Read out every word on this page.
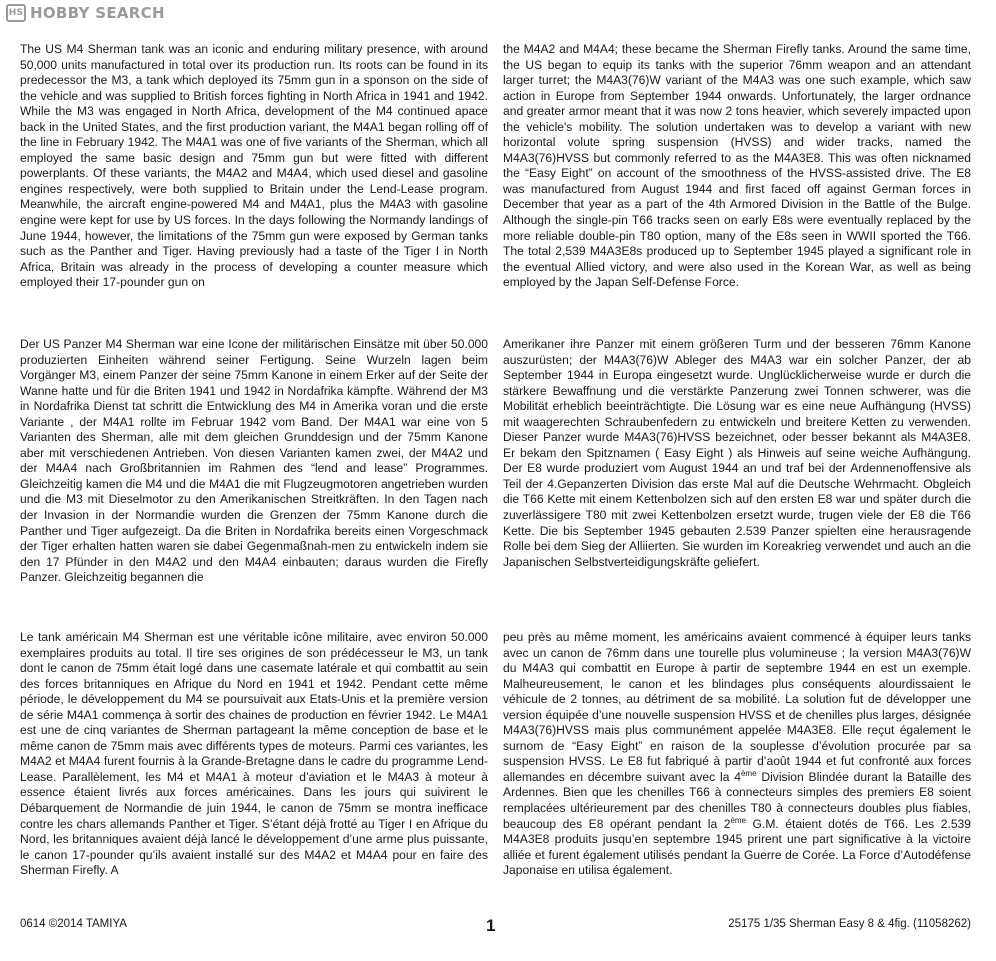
HS HOBBY SEARCH

The US M4 Sherman tank was an iconic and enduring military presence, with around 50,000 units manufactured in total over its production run. Its roots can be found in its predecessor the M3, a tank which deployed its 75mm gun in a sponson on the side of the vehicle and was supplied to British forces fighting in North Africa in 1941 and 1942. While the M3 was engaged in North Africa, development of the M4 continued apace back in the United States, and the first production variant, the M4A1 began rolling off of the line in February 1942. The M4A1 was one of five variants of the Sherman, which all employed the same basic design and 75mm gun but were fitted with different powerplants. Of these variants, the M4A2 and M4A4, which used diesel and gasoline engines respectively, were both supplied to Britain under the Lend-Lease program. Meanwhile, the aircraft engine-powered M4 and M4A1, plus the M4A3 with gasoline engine were kept for use by US forces. In the days following the Normandy landings of June 1944, however, the limitations of the 75mm gun were exposed by German tanks such as the Panther and Tiger. Having previously had a taste of the Tiger I in North Africa, Britain was already in the process of developing a counter measure which employed their 17-pounder gun on

the M4A2 and M4A4; these became the Sherman Firefly tanks. Around the same time, the US began to equip its tanks with the superior 76mm weapon and an attendant larger turret; the M4A3(76)W variant of the M4A3 was one such example, which saw action in Europe from September 1944 onwards. Unfortunately, the larger ordnance and greater armor meant that it was now 2 tons heavier, which severely impacted upon the vehicle's mobility. The solution undertaken was to develop a variant with new horizontal volute spring suspension (HVSS) and wider tracks, named the M4A3(76)HVSS but commonly referred to as the M4A3E8. This was often nicknamed the “Easy Eight” on account of the smoothness of the HVSS-assisted drive. The E8 was manufactured from August 1944 and first faced off against German forces in December that year as a part of the 4th Armored Division in the Battle of the Bulge. Although the single-pin T66 tracks seen on early E8s were eventually replaced by the more reliable double-pin T80 option, many of the E8s seen in WWII sported the T66. The total 2,539 M4A3E8s produced up to September 1945 played a significant role in the eventual Allied victory, and were also used in the Korean War, as well as being employed by the Japan Self-Defense Force.

Der US Panzer M4 Sherman war eine Icone der militärischen Einsätze mit über 50.000 produzierten Einheiten während seiner Fertigung. Seine Wurzeln lagen beim Vorgänger M3, einem Panzer der seine 75mm Kanone in einem Erker auf der Seite der Wanne hatte und für die Briten 1941 und 1942 in Nordafrika kämpfte. Während der M3 in Nordafrika Dienst tat schritt die Entwicklung des M4 in Amerika voran und die erste Variante , der M4A1 rollte im Februar 1942 vom Band. Der M4A1 war eine von 5 Varianten des Sherman, alle mit dem gleichen Grunddesign und der 75mm Kanone aber mit verschiedenen Antrieben. Von diesen Varianten kamen zwei, der M4A2 und der M4A4 nach Großbritannien im Rahmen des “lend and lease” Programmes. Gleichzeitig kamen die M4 und die M4A1 die mit Flugzeugmotoren angetrieben wurden und die M3 mit Dieselmotor zu den Amerikanischen Streitkräften. In den Tagen nach der Invasion in der Normandie wurden die Grenzen der 75mm Kanone durch die Panther und Tiger aufgezeigt. Da die Briten in Nordafrika bereits einen Vorgeschmack der Tiger erhalten hatten waren sie dabei Gegenmaßnah-men zu entwickeln indem sie den 17 Pfünder in den M4A2 und den M4A4 einbauten; daraus wurden die Firefly Panzer. Gleichzeitig begannen die

Amerikaner ihre Panzer mit einem größeren Turm und der besseren 76mm Kanone auszurüsten; der M4A3(76)W Ableger des M4A3 war ein solcher Panzer, der ab September 1944 in Europa eingesetzt wurde. Unglücklicherweise wurde er durch die stärkere Bewaffnung und die verstärkte Panzerung zwei Tonnen schwerer, was die Mobilität erheblich beeinträchtigte. Die Lösung war es eine neue Aufhängung (HVSS) mit waagerechten Schraubenfedern zu entwickeln und breitere Ketten zu verwenden. Dieser Panzer wurde M4A3(76)HVSS bezeichnet, oder besser bekannt als M4A3E8. Er bekam den Spitznamen ( Easy Eight ) als Hinweis auf seine weiche Aufhängung. Der E8 wurde produziert vom August 1944 an und traf bei der Ardennenoffensive als Teil der 4.Gepanzerten Division das erste Mal auf die Deutsche Wehrmacht. Obgleich die T66 Kette mit einem Kettenbolzen sich auf den ersten E8 war und später durch die zuverlässigere T80 mit zwei Kettenbolzen ersetzt wurde, trugen viele der E8 die T66 Kette. Die bis September 1945 gebauten 2.539 Panzer spielten eine herausragende Rolle bei dem Sieg der Alliierten. Sie wurden im Koreakrieg verwendet und auch an die Japanischen Selbstverteidigungskräfte geliefert.

Le tank américain M4 Sherman est une véritable icône militaire, avec environ 50.000 exemplaires produits au total. Il tire ses origines de son prédécesseur le M3, un tank dont le canon de 75mm était logé dans une casemate latérale et qui combattit au sein des forces britanniques en Afrique du Nord en 1941 et 1942. Pendant cette même période, le développement du M4 se poursuivait aux Etats-Unis et la première version de série M4A1 commença à sortir des chaines de production en février 1942. Le M4A1 est une de cinq variantes de Sherman partageant la même conception de base et le même canon de 75mm mais avec différents types de moteurs. Parmi ces variantes, les M4A2 et M4A4 furent fournis à la Grande-Bretagne dans le cadre du programme Lend-Lease. Parallèlement, les M4 et M4A1 à moteur d’aviation et le M4A3 à moteur à essence étaient livrés aux forces américaines. Dans les jours qui suivirent le Débarquement de Normandie de juin 1944, le canon de 75mm se montra inefficace contre les chars allemands Panther et Tiger. S’étant déjà frotté au Tiger I en Afrique du Nord, les britanniques avaient déjà lancé le développement d’une arme plus puissante, le canon 17-pounder qu’ils avaient installé sur des M4A2 et M4A4 pour en faire des Sherman Firefly. A

peu près au même moment, les américains avaient commencé à équiper leurs tanks avec un canon de 76mm dans une tourelle plus volumineuse ; la version M4A3(76)W du M4A3 qui combattit en Europe à partir de septembre 1944 en est un exemple. Malheureusement, le canon et les blindages plus conséquents alourdissaient le véhicule de 2 tonnes, au détriment de sa mobilité. La solution fut de développer une version équipée d’une nouvelle suspension HVSS et de chenilles plus larges, désignée M4A3(76)HVSS mais plus communément appelée M4A3E8. Elle reçut également le surnom de “Easy Eight” en raison de la souplesse d’évolution procurée par sa suspension HVSS. Le E8 fut fabriqué à partir d’août 1944 et fut confronté aux forces allemandes en décembre suivant avec la 4ème Division Blindée durant la Bataille des Ardennes. Bien que les chenilles T66 à connecteurs simples des premiers E8 soient remplacées ultérieurement par des chenilles T80 à connecteurs doubles plus fiables, beaucoup des E8 opérant pendant la 2ème G.M. étaient dotés de T66. Les 2.539 M4A3E8 produits jusqu’en septembre 1945 prirent une part significative à la victoire alliée et furent également utilisés pendant la Guerre de Corée. La Force d’Autodéfense Japonaise en utilisa également.

0614 ©2014 TAMIYA	1	25175 1/35 Sherman Easy 8 & 4fig. (11058262)
